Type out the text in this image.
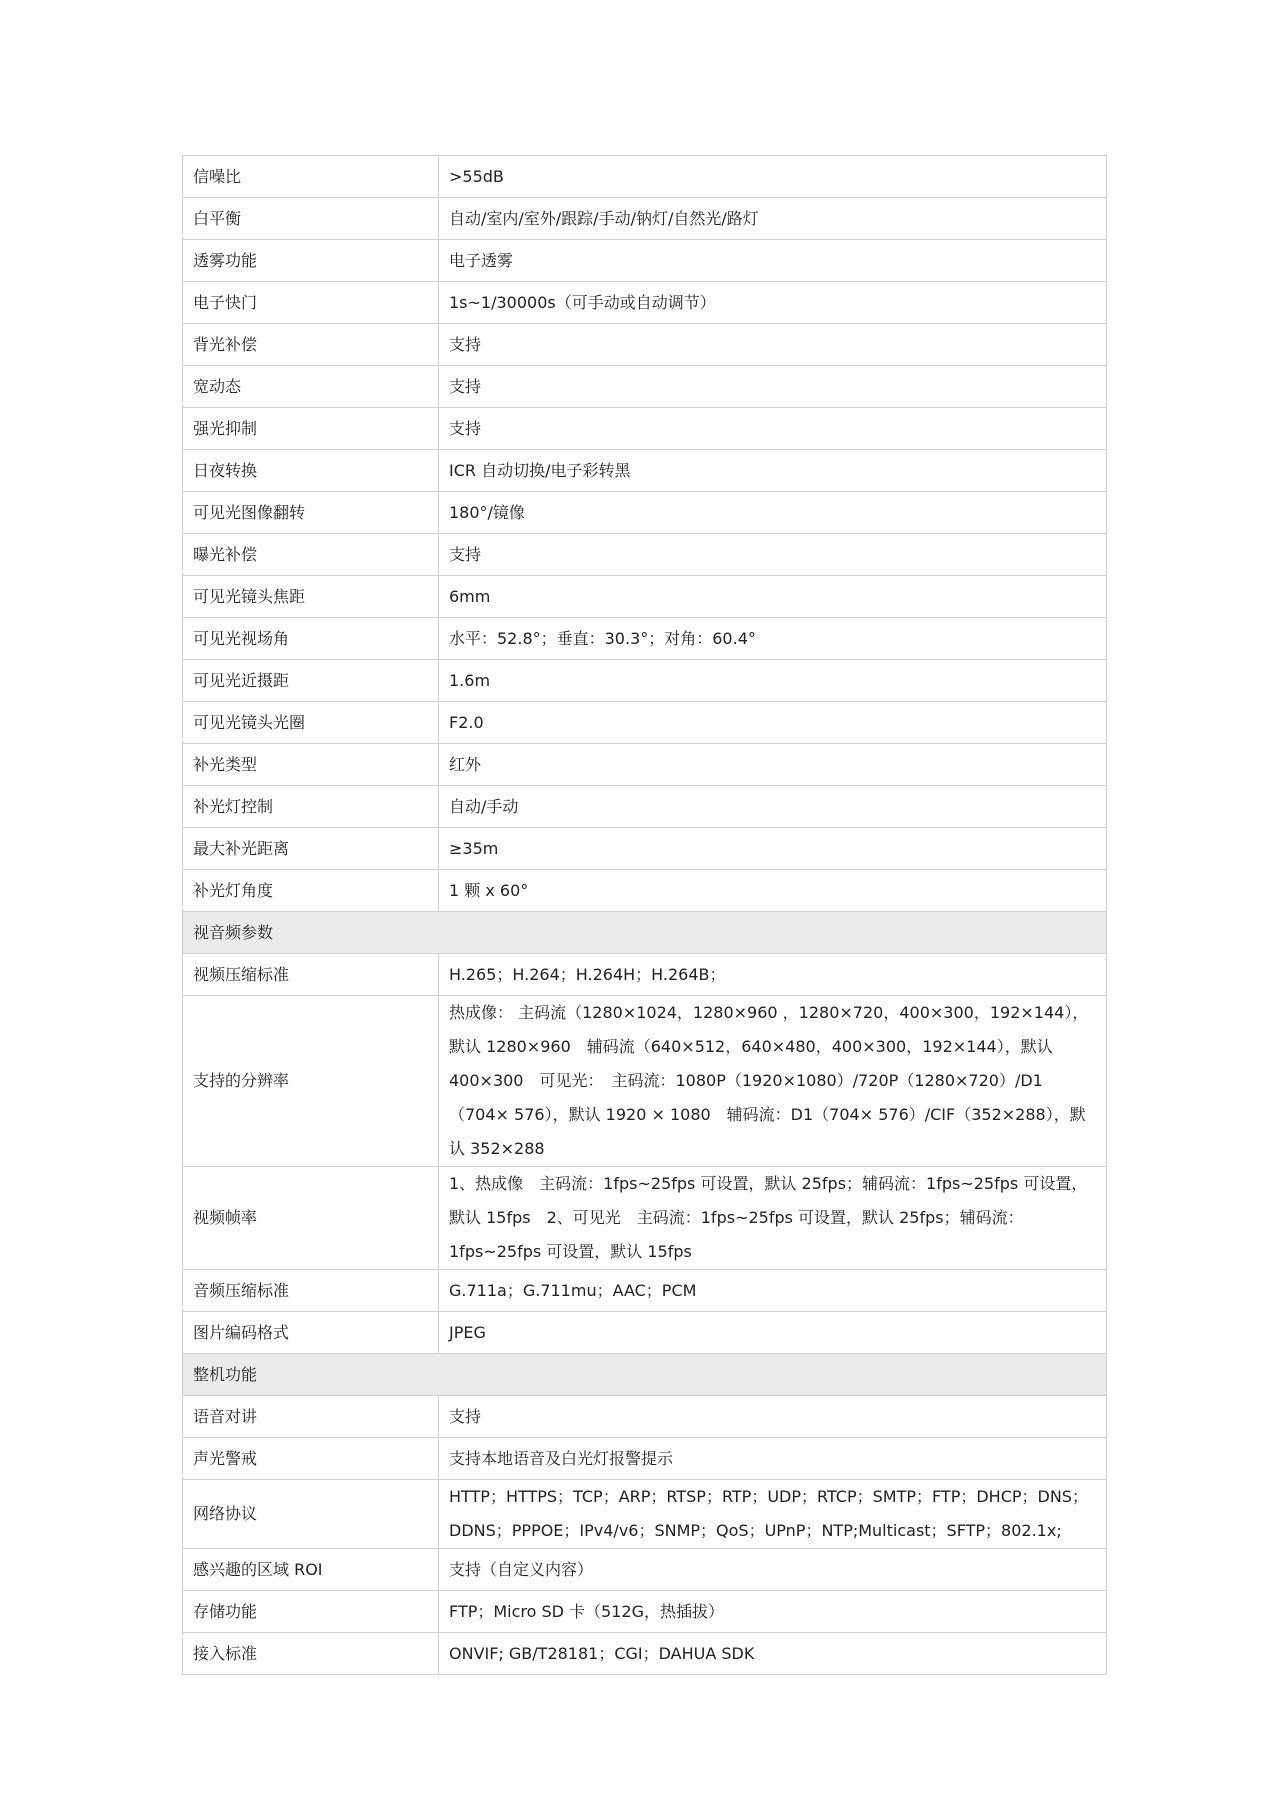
信噪比	>55dB
白平衡	自动/室内/室外/跟踪/手动/钠灯/自然光/路灯
透雾功能	电子透雾
电子快门	1s~1/30000s（可手动或自动调节）
背光补偿	支持
宽动态	支持
强光抑制	支持
日夜转换	ICR 自动切换/电子彩转黑
可见光图像翻转	180°/镜像
曝光补偿	支持
可见光镜头焦距	6mm
可见光视场角	水平：52.8°；垂直：30.3°；对角：60.4°
可见光近摄距	1.6m
可见光镜头光圈	F2.0
补光类型	红外
补光灯控制	自动/手动
最大补光距离	≥35m
补光灯角度	1 颗 x 60°
视音频参数	
视频压缩标准	H.265；H.264；H.264H；H.264B；
支持的分辨率	热成像： 主码流（1280×1024，1280×960 ，1280×720，400×300，192×144），默认 1280×960　辅码流（640×512，640×480，400×300，192×144），默认 400×300　可见光：　主码流：1080P（1920×1080）/720P（1280×720）/D1（704× 576），默认 1920 × 1080　辅码流：D1（704× 576）/CIF（352×288），默认 352×288
视频帧率	1、热成像　主码流：1fps~25fps 可设置，默认 25fps；辅码流：1fps~25fps 可设置，默认 15fps　2、可见光　主码流：1fps~25fps 可设置，默认 25fps；辅码流：1fps~25fps 可设置，默认 15fps
音频压缩标准	G.711a；G.711mu；AAC；PCM
图片编码格式	JPEG
整机功能	
语音对讲	支持
声光警戒	支持本地语音及白光灯报警提示
网络协议	HTTP；HTTPS；TCP；ARP；RTSP；RTP；UDP；RTCP；SMTP；FTP；DHCP；DNS；DDNS；PPPOE；IPv4/v6；SNMP；QoS；UPnP；NTP;Multicast；SFTP；802.1x;
感兴趣的区域 ROI	支持（自定义内容）
存储功能	FTP；Micro SD 卡（512G，热插拔）
接入标准	ONVIF; GB/T28181；CGI；DAHUA SDK
